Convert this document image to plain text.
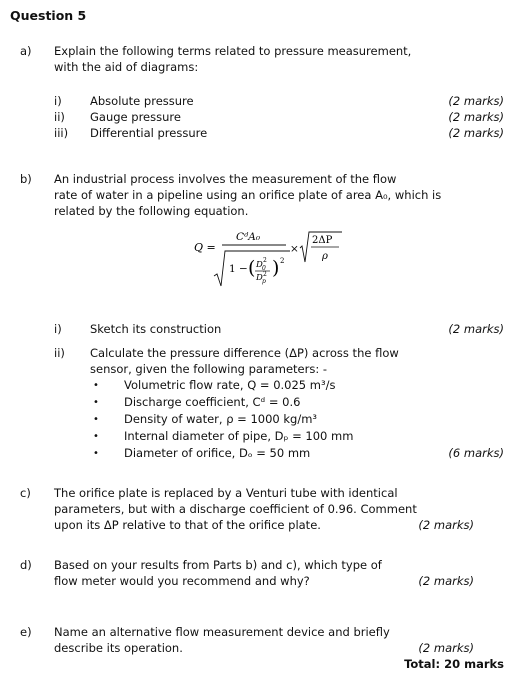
Question 5
a) Explain the following terms related to pressure measurement,
with the aid of diagrams:
i) Absolute pressure	(2 marks)
ii) Gauge pressure	(2 marks)
iii) Differential pressure	(2 marks)
b) An industrial process involves the measurement of the flow
rate of water in a pipeline using an orifice plate of area A₀, which is
related by the following equation.
Q =
CᵈA₀
1 − ( D 0
2
D p
2 ) 2
×
2ΔP
ρ
i) Sketch its construction	(2 marks)
ii) Calculate the pressure difference (ΔP) across the flow
sensor, given the following parameters: -
• Volumetric flow rate, Q = 0.025 m³/s
• Discharge coefficient, Cᵈ = 0.6
• Density of water, ρ = 1000 kg/m³
• Internal diameter of pipe, Dₚ = 100 mm
• Diameter of orifice, Dₒ = 50 mm	(6 marks)
c) The orifice plate is replaced by a Venturi tube with identical
parameters, but with a discharge coefficient of 0.96. Comment
upon its ΔP relative to that of the orifice plate.	(2 marks)
d) Based on your results from Parts b) and c), which type of
flow meter would you recommend and why?	(2 marks)
e) Name an alternative flow measurement device and briefly
describe its operation.	(2 marks)
Total: 20 marks
